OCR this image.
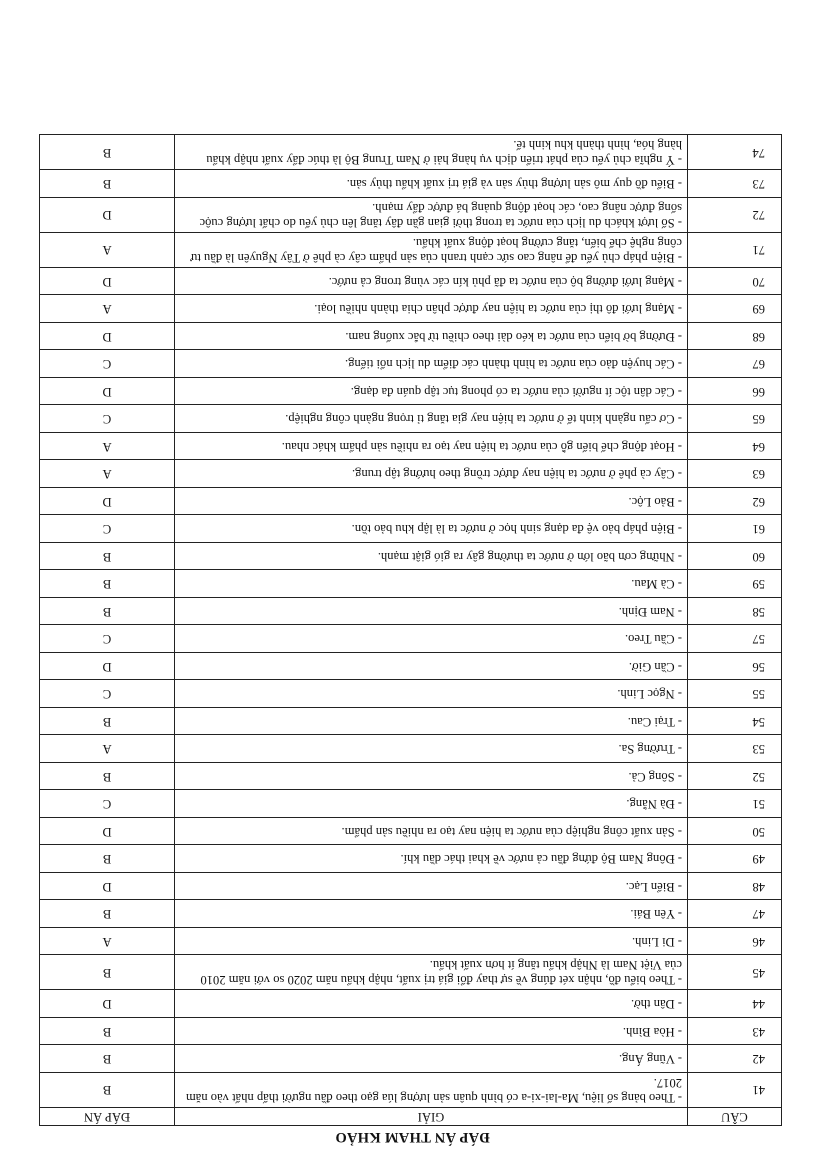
ĐÁP ÁN THAM KHẢO
CÂU	GIẢI	ĐÁP ÁN
41	- Theo bảng số liệu, Ma-lai-xi-a có bình quân sản lượng lúa gạo theo đầu người thấp nhất vào năm 2017.	B
42	- Vũng Áng.	B
43	- Hòa Bình.	B
44	- Dân thờ.	D
45	- Theo biểu đồ, nhận xét đúng về sự thay đổi giá trị xuất, nhập khẩu năm 2020 so với năm 2010 của Việt Nam là Nhập khẩu tăng ít hơn xuất khẩu.	B
46	- Di Linh.	A
47	- Yên Bái.	B
48	- Biển Lạc.	D
49	- Đông Nam Bộ đứng đầu cả nước về khai thác dầu khí.	B
50	- Sản xuất công nghiệp của nước ta hiện nay tạo ra nhiều sản phẩm.	D
51	- Đà Nẵng.	C
52	- Sông Cả.	B
53	- Trường Sa.	A
54	- Trại Cau.	B
55	- Ngọc Linh.	C
56	- Cần Giờ.	D
57	- Cầu Treo.	C
58	- Nam Định.	B
59	- Cà Mau.	B
60	- Những cơn bão lớn ở nước ta thường gây ra gió giật mạnh.	B
61	- Biện pháp bảo vệ đa dạng sinh học ở nước ta là lập khu bảo tồn.	C
62	- Bảo Lộc.	D
63	- Cây cà phê ở nước ta hiện nay được trồng theo hướng tập trung.	A
64	- Hoạt động chế biến gỗ của nước ta hiện nay tạo ra nhiều sản phẩm khác nhau.	A
65	- Cơ cấu ngành kinh tế ở nước ta hiện nay gia tăng tỉ trọng ngành công nghiệp.	C
66	- Các dân tộc ít người của nước ta có phong tục tập quán đa dạng.	D
67	- Các huyện đảo của nước ta hình thành các điểm du lịch nổi tiếng.	C
68	- Đường bờ biển của nước ta kéo dài theo chiều từ bắc xuống nam.	D
69	- Mạng lưới đô thị của nước ta hiện nay được phân chia thành nhiều loại.	A
70	- Mạng lưới đường bộ của nước ta đã phủ kín các vùng trong cả nước.	D
71	- Biện pháp chủ yếu để nâng cao sức cạnh tranh của sản phẩm cây cà phê ở Tây Nguyên là đầu tư công nghệ chế biến, tăng cường hoạt động xuất khẩu.	A
72	- Số lượt khách du lịch của nước ta trong thời gian gần đây tăng lên chủ yếu do chất lượng cuộc sống được nâng cao, các hoạt động quảng bá được đẩy mạnh.	D
73	- Biểu đồ quy mô sản lượng thủy sản và giá trị xuất khẩu thủy sản.	B
74	- Ý nghĩa chủ yếu của phát triển dịch vụ hàng hải ở Nam Trung Bộ là thúc đẩy xuất nhập khẩu hàng hóa, hình thành khu kinh tế.	B
